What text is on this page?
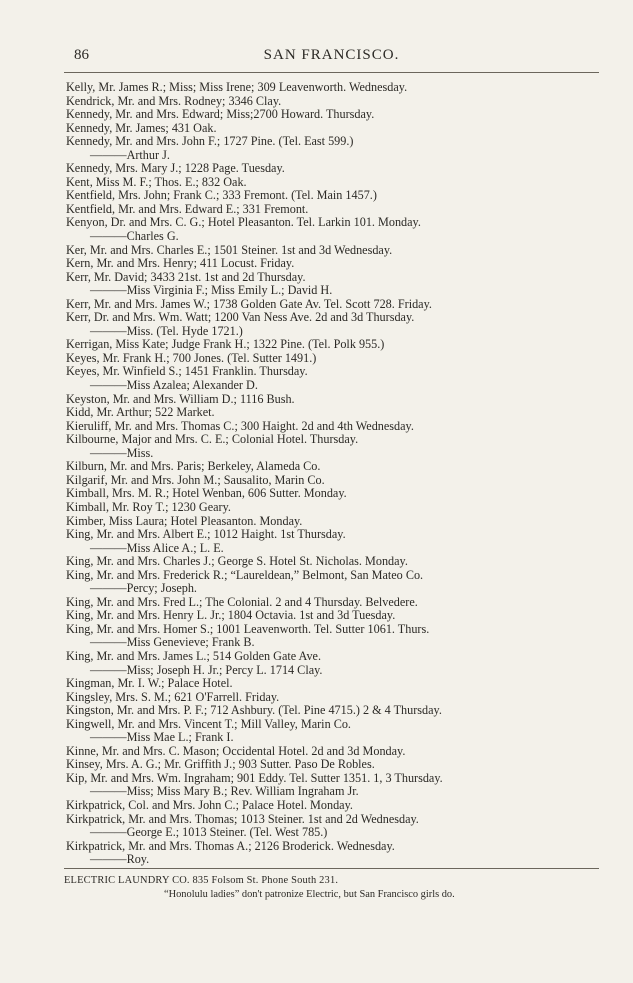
86	SAN FRANCISCO.
Kelly, Mr. James R.; Miss; Miss Irene; 309 Leavenworth. Wednesday.
Kendrick, Mr. and Mrs. Rodney; 3346 Clay.
Kennedy, Mr. and Mrs. Edward; Miss;2700 Howard. Thursday.
Kennedy, Mr. James; 431 Oak.
Kennedy, Mr. and Mrs. John F.; 1727 Pine. (Tel. East 599.)
———Arthur J.
Kennedy, Mrs. Mary J.; 1228 Page. Tuesday.
Kent, Miss M. F.; Thos. E.; 832 Oak.
Kentfield, Mrs. John; Frank C.; 333 Fremont. (Tel. Main 1457.)
Kentfield, Mr. and Mrs. Edward E.; 331 Fremont.
Kenyon, Dr. and Mrs. C. G.; Hotel Pleasanton. Tel. Larkin 101. Monday.
———Charles G.
Ker, Mr. and Mrs. Charles E.; 1501 Steiner. 1st and 3d Wednesday.
Kern, Mr. and Mrs. Henry; 411 Locust. Friday.
Kerr, Mr. David; 3433 21st. 1st and 2d Thursday.
———Miss Virginia F.; Miss Emily L.; David H.
Kerr, Mr. and Mrs. James W.; 1738 Golden Gate Av. Tel. Scott 728. Friday.
Kerr, Dr. and Mrs. Wm. Watt; 1200 Van Ness Ave. 2d and 3d Thursday.
———Miss. (Tel. Hyde 1721.)
Kerrigan, Miss Kate; Judge Frank H.; 1322 Pine. (Tel. Polk 955.)
Keyes, Mr. Frank H.; 700 Jones. (Tel. Sutter 1491.)
Keyes, Mr. Winfield S.; 1451 Franklin. Thursday.
———Miss Azalea; Alexander D.
Keyston, Mr. and Mrs. William D.; 1116 Bush.
Kidd, Mr. Arthur; 522 Market.
Kieruliff, Mr. and Mrs. Thomas C.; 300 Haight. 2d and 4th Wednesday.
Kilbourne, Major and Mrs. C. E.; Colonial Hotel. Thursday.
———Miss.
Kilburn, Mr. and Mrs. Paris; Berkeley, Alameda Co.
Kilgarif, Mr. and Mrs. John M.; Sausalito, Marin Co.
Kimball, Mrs. M. R.; Hotel Wenban, 606 Sutter. Monday.
Kimball, Mr. Roy T.; 1230 Geary.
Kimber, Miss Laura; Hotel Pleasanton. Monday.
King, Mr. and Mrs. Albert E.; 1012 Haight. 1st Thursday.
———Miss Alice A.; L. E.
King, Mr. and Mrs. Charles J.; George S. Hotel St. Nicholas. Monday.
King, Mr. and Mrs. Frederick R.; “Laureldean,” Belmont, San Mateo Co.
———Percy; Joseph.
King, Mr. and Mrs. Fred L.; The Colonial. 2 and 4 Thursday. Belvedere.
King, Mr. and Mrs. Henry L. Jr.; 1804 Octavia. 1st and 3d Tuesday.
King, Mr. and Mrs. Homer S.; 1001 Leavenworth. Tel. Sutter 1061. Thurs.
———Miss Genevieve; Frank B.
King, Mr. and Mrs. James L.; 514 Golden Gate Ave.
———Miss; Joseph H. Jr.; Percy L. 1714 Clay.
Kingman, Mr. I. W.; Palace Hotel.
Kingsley, Mrs. S. M.; 621 O'Farrell. Friday.
Kingston, Mr. and Mrs. P. F.; 712 Ashbury. (Tel. Pine 4715.) 2 & 4 Thursday.
Kingwell, Mr. and Mrs. Vincent T.; Mill Valley, Marin Co.
———Miss Mae L.; Frank I.
Kinne, Mr. and Mrs. C. Mason; Occidental Hotel. 2d and 3d Monday.
Kinsey, Mrs. A. G.; Mr. Griffith J.; 903 Sutter. Paso De Robles.
Kip, Mr. and Mrs. Wm. Ingraham; 901 Eddy. Tel. Sutter 1351. 1, 3 Thursday.
———Miss; Miss Mary B.; Rev. William Ingraham Jr.
Kirkpatrick, Col. and Mrs. John C.; Palace Hotel. Monday.
Kirkpatrick, Mr. and Mrs. Thomas; 1013 Steiner. 1st and 2d Wednesday.
———George E.; 1013 Steiner. (Tel. West 785.)
Kirkpatrick, Mr. and Mrs. Thomas A.; 2126 Broderick. Wednesday.
———Roy.
ELECTRIC LAUNDRY CO. 835 Folsom St. Phone South 231.
“Honolulu ladies” don't patronize Electric, but San Francisco girls do.
